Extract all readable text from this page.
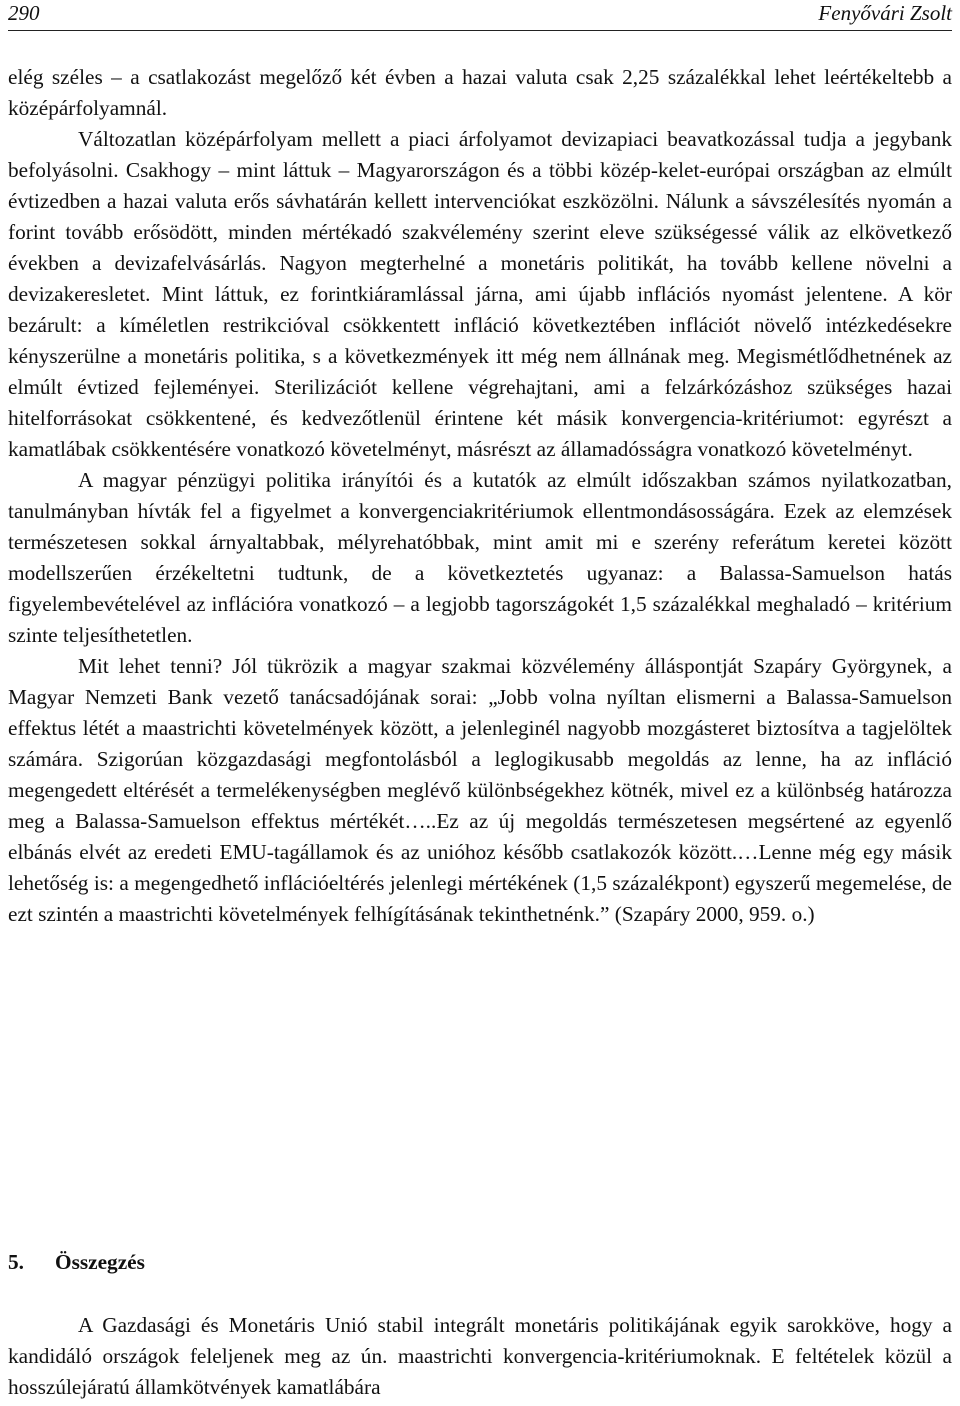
290	Fenyővári Zsolt

elég széles – a csatlakozást megelőző két évben a hazai valuta csak 2,25 százalékkal lehet leértékeltebb a középárfolyamnál.

Változatlan középárfolyam mellett a piaci árfolyamot devizapiaci beavatkozással tudja a jegybank befolyásolni. Csakhogy – mint láttuk – Magyarországon és a többi közép-kelet-európai országban az elmúlt évtizedben a hazai valuta erős sávhatárán kellett intervenciókat eszközölni. Nálunk a sávszélesítés nyomán a forint tovább erősödött, minden mértékadó szakvélemény szerint eleve szükségessé válik az elkövetkező években a devizafelvásárlás. Nagyon megterhelné a monetáris politikát, ha tovább kellene növelni a devizakeresletet. Mint láttuk, ez forintkiáramlással járna, ami újabb inflációs nyomást jelentene. A kör bezárult: a kíméletlen restrikcióval csökkentett infláció következtében inflációt növelő intézkedésekre kényszerülne a monetáris politika, s a következmények itt még nem állnának meg. Megismétlődhetnének az elmúlt évtized fejleményei. Sterilizációt kellene végrehajtani, ami a felzárkózáshoz szükséges hazai hitelforrásokat csökkentené, és kedvezőtlenül érintene két másik konvergencia-kritériumot: egyrészt a kamatlábak csökkentésére vonatkozó követelményt, másrészt az államadósságra vonatkozó követelményt.

A magyar pénzügyi politika irányítói és a kutatók az elmúlt időszakban számos nyilatkozatban, tanulmányban hívták fel a figyelmet a konvergenciakritériumok ellentmondásosságára. Ezek az elemzések természetesen sokkal árnyaltabbak, mélyrehatóbbak, mint amit mi e szerény referátum keretei között modellszerűen érzékeltetni tudtunk, de a következtetés ugyanaz: a Balassa-Samuelson hatás figyelembevételével az inflációra vonatkozó – a legjobb tagországokét 1,5 százalékkal meghaladó – kritérium szinte teljesíthetetlen.

Mit lehet tenni? Jól tükrözik a magyar szakmai közvélemény álláspontját Szapáry Györgynek, a Magyar Nemzeti Bank vezető tanácsadójának sorai: „Jobb volna nyíltan elismerni a Balassa-Samuelson effektus létét a maastrichti követelmények között, a jelenleginél nagyobb mozgásteret biztosítva a tagjelöltek számára. Szigorúan közgazdasági megfontolásból a leglogikusabb megoldás az lenne, ha az infláció megengedett eltérését a termelékenységben meglévő különbségekhez kötnék, mivel ez a különbség határozza meg a Balassa-Samuelson effektus mértékét…..Ez az új megoldás természetesen megsértené az egyenlő elbánás elvét az eredeti EMU-tagállamok és az unióhoz később csatlakozók között.…Lenne még egy másik lehetőség is: a megengedhető inflációeltérés jelenlegi mértékének (1,5 százalékpont) egyszerű megemelése, de ezt szintén a maastrichti követelmények felhígításának tekinthetnénk.” (Szapáry 2000, 959. o.)

5. Összegzés

A Gazdasági és Monetáris Unió stabil integrált monetáris politikájának egyik sarokköve, hogy a kandidáló országok feleljenek meg az ún. maastrichti konvergencia-kritériumoknak. E feltételek közül a hosszúlejáratú államkötvények kamatlábára
